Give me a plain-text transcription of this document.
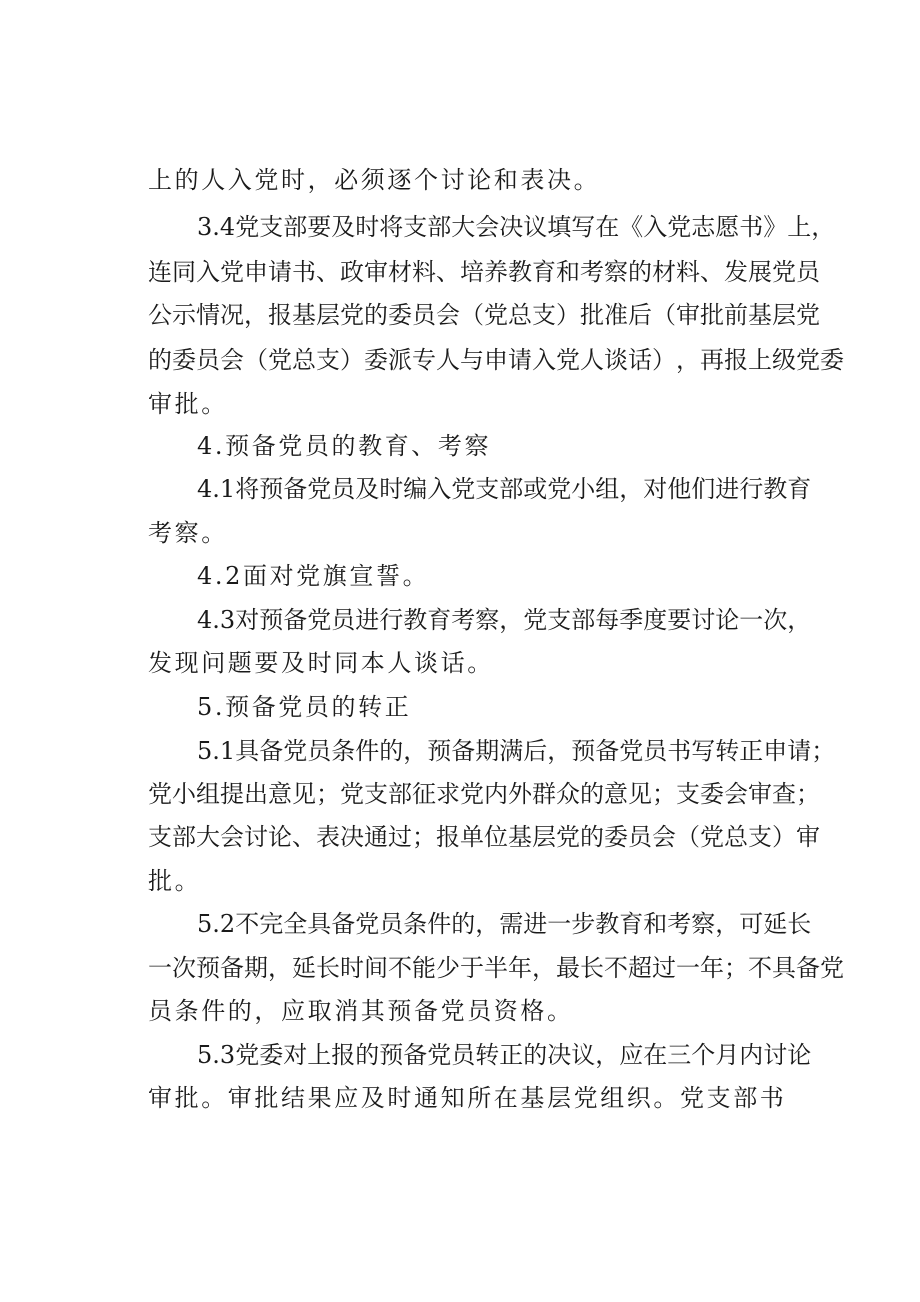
上的人入党时，必须逐个讨论和表决。
3 . 4 党 支 部 要 及 时 将 支 部 大 会 决 议 填 写 在 《 入 党 志 愿 书 》 上 ，
连 同 入 党 申 请 书 、 政 审 材 料 、 培 养 教 育 和 考 察 的 材 料 、 发 展 党 员
公 示 情 况 ， 报 基 层 党 的 委 员 会 （ 党 总 支 ） 批 准 后 （ 审 批 前 基 层 党
的 委 员 会 （ 党 总 支 ） 委 派 专 人 与 申 请 入 党 人 谈 话 ） ， 再 报 上 级 党 委
审批。
4.预备党员的教育、考察
4 . 1 将 预 备 党 员 及 时 编 入 党 支 部 或 党 小 组 ， 对 他 们 进 行 教 育
考察。
4.2面对党旗宣誓。
4 . 3 对 预 备 党 员 进 行 教 育 考 察 ， 党 支 部 每 季 度 要 讨 论 一 次 ，
发现问题要及时同本人谈话。
5.预备党员的转正
5 . 1 具 备 党 员 条 件 的 ， 预 备 期 满 后 ， 预 备 党 员 书 写 转 正 申 请 ；
党 小 组 提 出 意 见 ； 党 支 部 征 求 党 内 外 群 众 的 意 见 ； 支 委 会 审 查 ；
支 部 大 会 讨 论 、 表 决 通 过 ； 报 单 位 基 层 党 的 委 员 会 （ 党 总 支 ） 审
批。
5 . 2 不 完 全 具 备 党 员 条 件 的 ， 需 进 一 步 教 育 和 考 察 ， 可 延 长
一 次 预 备 期 ， 延 长 时 间 不 能 少 于 半 年 ， 最 长 不 超 过 一 年 ； 不 具 备 党
员条件的，应取消其预备党员资格。
5 . 3 党 委 对 上 报 的 预 备 党 员 转 正 的 决 议 ， 应 在 三 个 月 内 讨 论
审批。审批结果应及时通知所在基层党组织。党支部书
